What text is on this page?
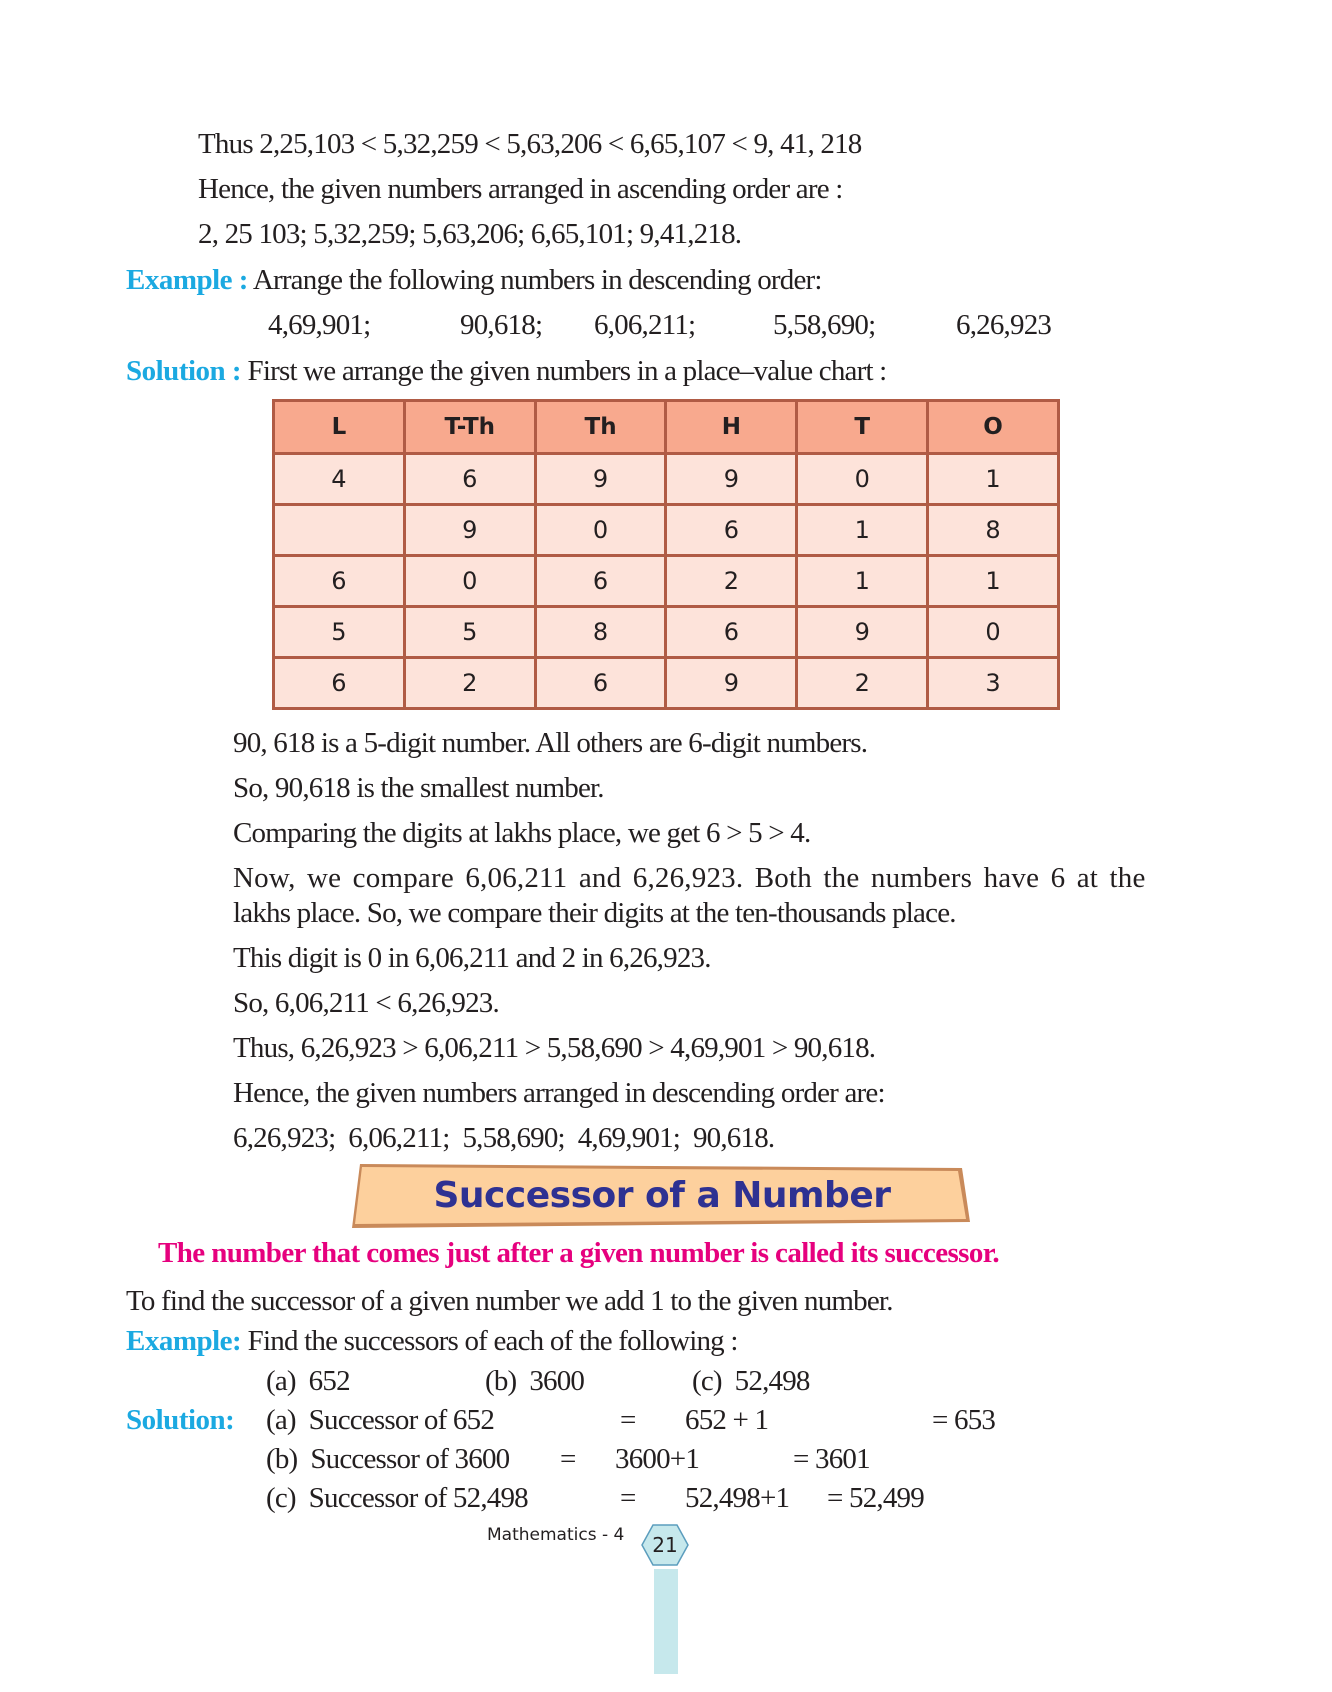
Thus 2,25,103 < 5,32,259 < 5,63,206 < 6,65,107 < 9, 41, 218
Hence, the given numbers arranged in ascending order are :
2, 25 103; 5,32,259; 5,63,206; 6,65,101; 9,41,218.
Example : Arrange the following numbers in descending order:
4,69,901;	90,618; 6,06,211;	5,58,690;	6,26,923
Solution : First we arrange the given numbers in a place–value chart :
L	T-Th	Th	H	T	O
4	6	9	9	0	1
	9	0	6	1	8
6	0	6	2	1	1
5	5	8	6	9	0
6	2	6	9	2	3
90, 618 is a 5-digit number. All others are 6-digit numbers.
So, 90,618 is the smallest number.
Comparing the digits at lakhs place, we get 6 > 5 > 4.
Now, we compare 6,06,211 and 6,26,923. Both the numbers have 6 at the
lakhs place. So, we compare their digits at the ten-thousands place.
This digit is 0 in 6,06,211 and 2 in 6,26,923.
So, 6,06,211 < 6,26,923.
Thus, 6,26,923 > 6,06,211 > 5,58,690 > 4,69,901 > 90,618.
Hence, the given numbers arranged in descending order are:
6,26,923;  6,06,211;  5,58,690;  4,69,901;  90,618.
Successor of a Number
The number that comes just after a given number is called its successor.
To find the successor of a given number we add 1 to the given number.
Example: Find the successors of each of the following :
(a)  652	(b)  3600	(c)  52,498
Solution: (a)  Successor of 652	= 652 + 1	= 653
(b)  Successor of 3600 = 3600+1	= 3601
(c)  Successor of 52,498	= 52,498+1 = 52,499
Mathematics - 4	21
